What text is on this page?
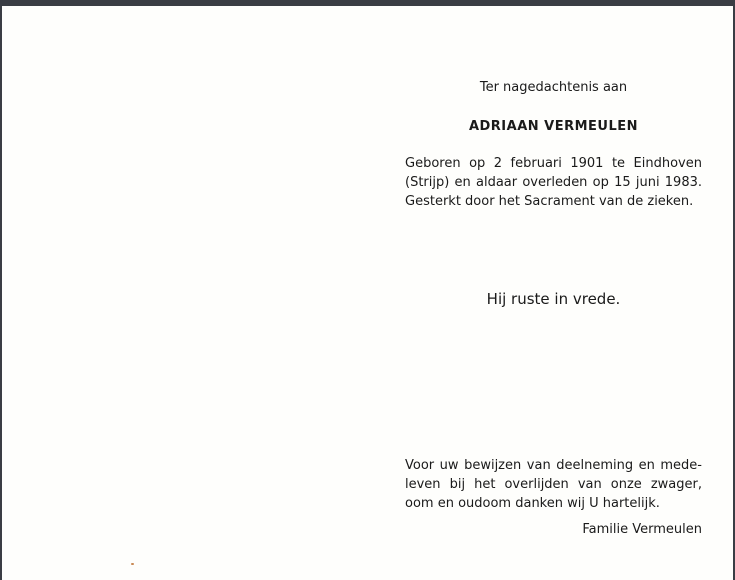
Ter nagedachtenis aan
ADRIAAN VERMEULEN
Geboren op 2 februari 1901 te Eindhoven
(Strijp) en aldaar overleden op 15 juni 1983.
Gesterkt door het Sacrament van de zieken.
Hij ruste in vrede.
Voor uw bewijzen van deelneming en mede-
leven bij het overlijden van onze zwager,
oom en oudoom danken wij U hartelijk.
Familie Vermeulen
